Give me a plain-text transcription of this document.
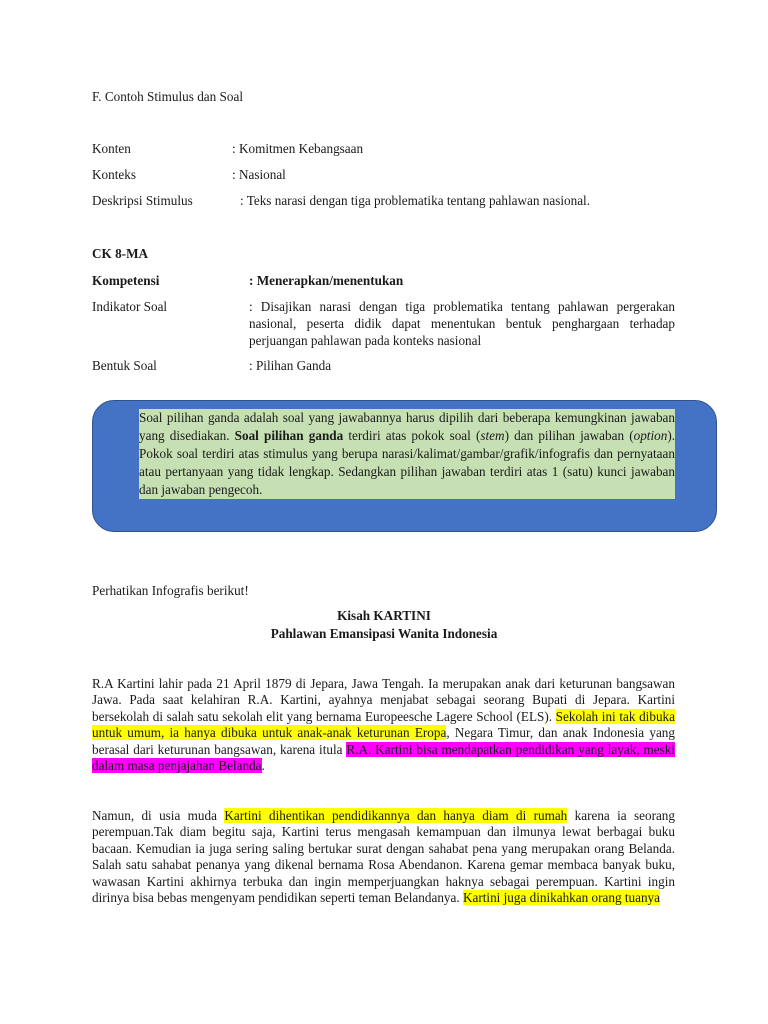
F. Contoh Stimulus dan Soal
Konten	: Komitmen Kebangsaan
Konteks	: Nasional
Deskripsi Stimulus	: Teks narasi dengan tiga problematika tentang pahlawan nasional.
CK 8-MA
Kompetensi	: Menerapkan/menentukan
Indikator Soal	: Disajikan narasi dengan tiga problematika tentang pahlawan pergerakan nasional, peserta didik dapat menentukan bentuk penghargaan terhadap perjuangan pahlawan pada konteks nasional
Bentuk Soal	: Pilihan Ganda
Soal pilihan ganda adalah soal yang jawabannya harus dipilih dari beberapa kemungkinan jawaban yang disediakan. Soal pilihan ganda terdiri atas pokok soal (stem) dan pilihan jawaban (option). Pokok soal terdiri atas stimulus yang berupa narasi/kalimat/gambar/grafik/infografis dan pernyataan atau pertanyaan yang tidak lengkap. Sedangkan pilihan jawaban terdiri atas 1 (satu) kunci jawaban dan jawaban pengecoh.
Perhatikan Infografis berikut!
Kisah KARTINI
Pahlawan Emansipasi Wanita Indonesia
R.A Kartini lahir pada 21 April 1879 di Jepara, Jawa Tengah. Ia merupakan anak dari keturunan bangsawan Jawa. Pada saat kelahiran R.A. Kartini, ayahnya menjabat sebagai seorang Bupati di Jepara. Kartini bersekolah di salah satu sekolah elit yang bernama Europeesche Lagere School (ELS). Sekolah ini tak dibuka untuk umum, ia hanya dibuka untuk anak-anak keturunan Eropa, Negara Timur, dan anak Indonesia yang berasal dari keturunan bangsawan, karena itula R.A. Kartini bisa mendapatkan pendidikan yang layak, meski dalam masa penjajahan Belanda.
Namun, di usia muda Kartini dihentikan pendidikannya dan hanya diam di rumah karena ia seorang perempuan.Tak diam begitu saja, Kartini terus mengasah kemampuan dan ilmunya lewat berbagai buku bacaan. Kemudian ia juga sering saling bertukar surat dengan sahabat pena yang merupakan orang Belanda. Salah satu sahabat penanya yang dikenal bernama Rosa Abendanon. Karena gemar membaca banyak buku, wawasan Kartini akhirnya terbuka dan ingin memperjuangkan haknya sebagai perempuan. Kartini ingin dirinya bisa bebas mengenyam pendidikan seperti teman Belandanya. Kartini juga dinikahkan orang tuanya
